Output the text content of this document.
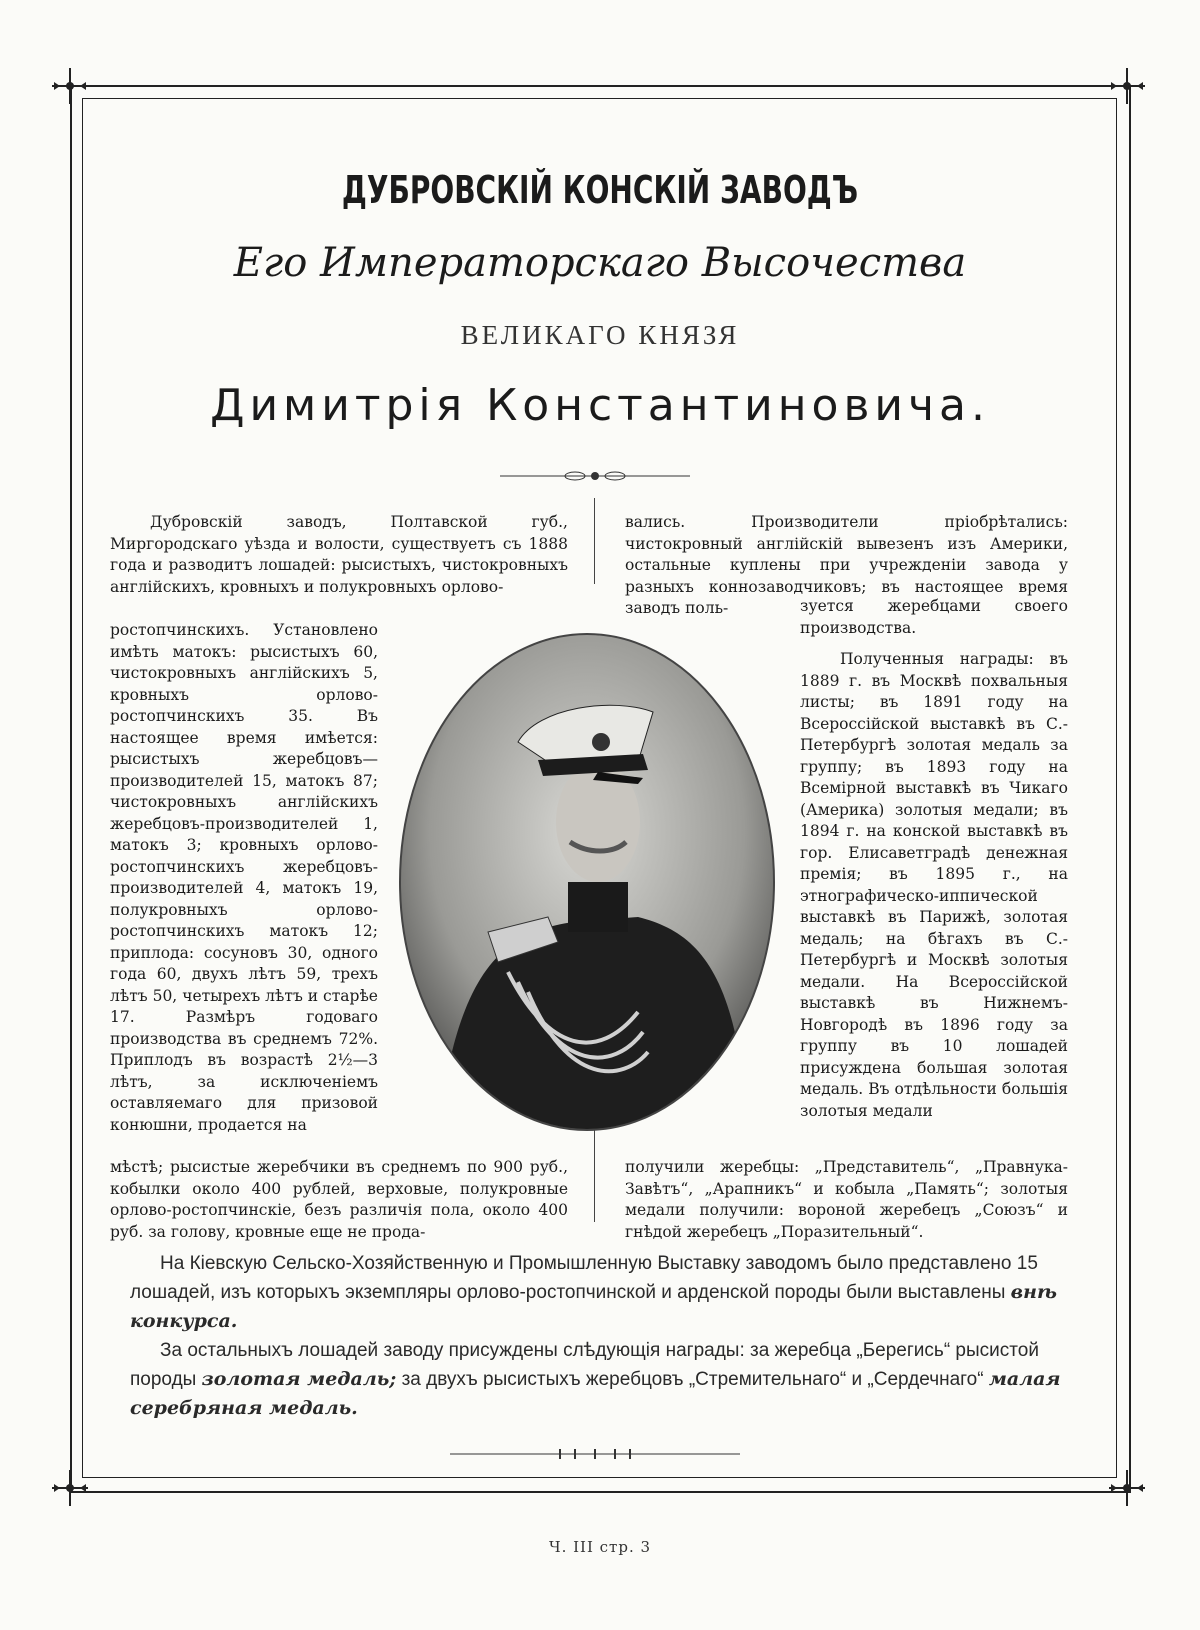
ДУБРОВСКІЙ КОНСКІЙ ЗАВОДЪ
Его Императорскаго Высочества
ВЕЛИКАГО КНЯЗЯ
Димитрія Константиновича.

Дубровскій заводъ, Полтавской губ., Миргородскаго уѣзда и волости, существуетъ съ 1888 года и разводитъ лошадей: рысистыхъ, чистокровныхъ англійскихъ, кровныхъ и полукровныхъ орлово-

ростопчинскихъ. Установлено имѣть матокъ: рысистыхъ 60, чистокровныхъ англійскихъ 5, кровныхъ орлово-ростопчинскихъ 35. Въ настоящее время имѣется: рысистыхъ жеребцовъ—производителей 15, матокъ 87; чистокровныхъ англійскихъ жеребцовъ-производителей 1, матокъ 3; кровныхъ орлово-ростопчинскихъ жеребцовъ-производителей 4, матокъ 19, полукровныхъ орлово-ростопчинскихъ матокъ 12; приплода: сосуновъ 30, одного года 60, двухъ лѣтъ 59, трехъ лѣтъ 50, четырехъ лѣтъ и старѣе 17. Размѣръ годоваго производства въ среднемъ 72%. Приплодъ въ возрастѣ 2½—3 лѣтъ, за исключеніемъ оставляемаго для призовой конюшни, продается на

мѣстѣ; рысистые жеребчики въ среднемъ по 900 руб., кобылки около 400 рублей, верховые, полукровные орлово-ростопчинскіе, безъ различія пола, около 400 руб. за голову, кровные еще не прода-

вались. Производители пріобрѣтались: чистокровный англійскій вывезенъ изъ Америки, остальные куплены при учрежденіи завода у разныхъ коннозаводчиковъ; въ настоящее время заводъ поль-	зуется жеребцами своего производства.

Полученныя награды: въ 1889 г. въ Москвѣ похвальныя листы; въ 1891 году на Всероссійской выставкѣ въ С.-Петербургѣ золотая медаль за группу; въ 1893 году на Всемірной выставкѣ въ Чикаго (Америка) золотыя медали; въ 1894 г. на конской выставкѣ въ гор. Елисаветградѣ денежная премія; въ 1895 г., на этнографическо-иппической выставкѣ въ Парижѣ, золотая медаль; на бѣгахъ въ С.-Петербургѣ и Москвѣ золотыя медали. На Всероссійской выставкѣ въ Нижнемъ-Новгородѣ въ 1896 году за группу въ 10 лошадей присуждена большая золотая медаль. Въ отдѣльности большія золотыя медали

получили жеребцы: „Представитель“, „Правнука-Завѣтъ“, „Арапникъ“ и кобыла „Память“; золотыя медали получили: вороной жеребецъ „Союзъ“ и гнѣдой жеребецъ „Поразительный“.

На Кіевскую Сельско-Хозяйственную и Промышленную Выставку заводомъ было представлено 15 лошадей, изъ которыхъ экземпляры орлово-ростопчинской и арденской породы были выставлены внѣ конкурса.

За остальныхъ лошадей заводу присуждены слѣдующія награды: за жеребца „Берегись“ рысистой породы золотая медаль; за двухъ рысистыхъ жеребцовъ „Стремительнаго“ и „Сердечнаго“ малая серебряная медаль.

Ч. III стр. 3
